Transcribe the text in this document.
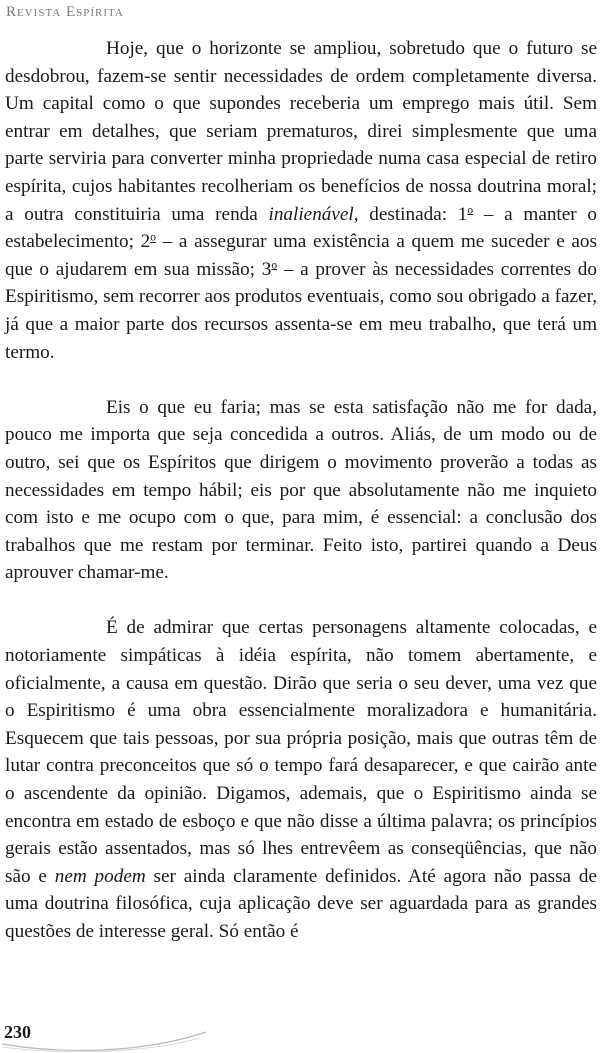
Revista Espírita

Hoje, que o horizonte se ampliou, sobretudo que o futuro se desdobrou, fazem-se sentir necessidades de ordem completamente diversa. Um capital como o que supondes receberia um emprego mais útil. Sem entrar em detalhes, que seriam prematuros, direi simplesmente que uma parte serviria para converter minha propriedade numa casa especial de retiro espírita, cujos habitantes recolheriam os benefícios de nossa doutrina moral; a outra constituiria uma renda inalienável, destinada: 1$^o$ – a manter o estabelecimento; 2$^o$ – a assegurar uma existência a quem me suceder e aos que o ajudarem em sua missão; 3$^o$ – a prover às necessidades correntes do Espiritismo, sem recorrer aos produtos eventuais, como sou obrigado a fazer, já que a maior parte dos recursos assenta-se em meu trabalho, que terá um termo.

Eis o que eu faria; mas se esta satisfação não me for dada, pouco me importa que seja concedida a outros. Aliás, de um modo ou de outro, sei que os Espíritos que dirigem o movimento proverão a todas as necessidades em tempo hábil; eis por que absolutamente não me inquieto com isto e me ocupo com o que, para mim, é essencial: a conclusão dos trabalhos que me restam por terminar. Feito isto, partirei quando a Deus aprouver chamar-me.

É de admirar que certas personagens altamente colocadas, e notoriamente simpáticas à idéia espírita, não tomem abertamente, e oficialmente, a causa em questão. Dirão que seria o seu dever, uma vez que o Espiritismo é uma obra essencialmente moralizadora e humanitária. Esquecem que tais pessoas, por sua própria posição, mais que outras têm de lutar contra preconceitos que só o tempo fará desaparecer, e que cairão ante o ascendente da opinião. Digamos, ademais, que o Espiritismo ainda se encontra em estado de esboço e que não disse a última palavra; os princípios gerais estão assentados, mas só lhes entrevêem as conseqüências, que não são e nem podem ser ainda claramente definidos. Até agora não passa de uma doutrina filosófica, cuja aplicação deve ser aguardada para as grandes questões de interesse geral. Só então é

230
